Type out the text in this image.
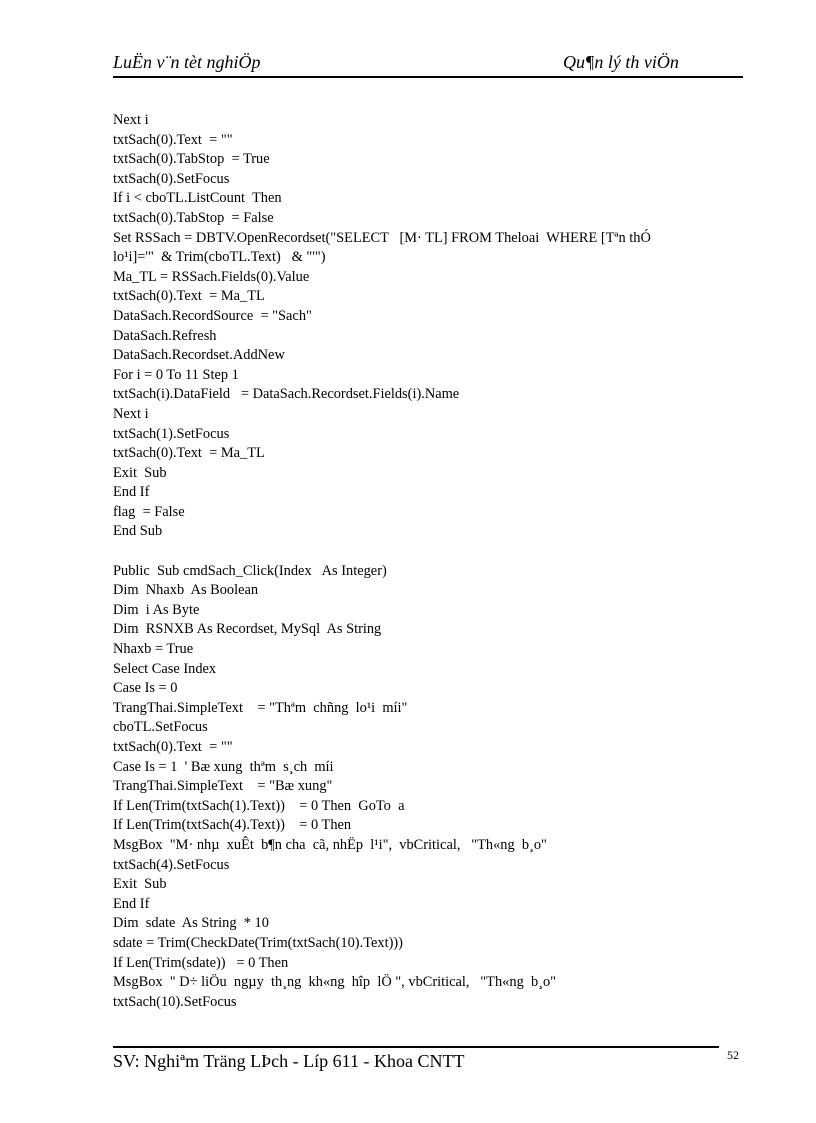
LuËn v¨n tèt nghiÖp	Qu¶n lý th viÖn
Next i
txtSach(0).Text  = ""
txtSach(0).TabStop  = True
txtSach(0).SetFocus
If i < cboTL.ListCount  Then
txtSach(0).TabStop  = False
Set RSSach = DBTV.OpenRecordset("SELECT   [M· TL] FROM Theloai  WHERE [Tªn thÓ
lo¹i]='"  & Trim(cboTL.Text)   & "'")
Ma_TL = RSSach.Fields(0).Value
txtSach(0).Text  = Ma_TL
DataSach.RecordSource  = "Sach"
DataSach.Refresh
DataSach.Recordset.AddNew
For i = 0 To 11 Step 1
txtSach(i).DataField   = DataSach.Recordset.Fields(i).Name
Next i
txtSach(1).SetFocus
txtSach(0).Text  = Ma_TL
Exit  Sub
End If
flag  = False
End Sub
Public  Sub cmdSach_Click(Index   As Integer)
Dim  Nhaxb  As Boolean
Dim  i As Byte
Dim  RSNXB As Recordset, MySql  As String
Nhaxb = True
Select Case Index
Case Is = 0
TrangThai.SimpleText    = "Thªm  chñng  lo¹i  míi"
cboTL.SetFocus
txtSach(0).Text  = ""
Case Is = 1  ' Bæ xung  thªm  s¸ch  míi
TrangThai.SimpleText    = "Bæ xung"
If Len(Trim(txtSach(1).Text))    = 0 Then  GoTo  a
If Len(Trim(txtSach(4).Text))    = 0 Then
MsgBox  "M· nhµ  xuÊt  b¶n cha  cã, nhËp  l¹i",  vbCritical,   "Th«ng  b¸o"
txtSach(4).SetFocus
Exit  Sub
End If
Dim  sdate  As String  * 10
sdate = Trim(CheckDate(Trim(txtSach(10).Text)))
If Len(Trim(sdate))   = 0 Then
MsgBox  " D÷ liÖu  ngµy  th¸ng  kh«ng  hîp  lÖ ", vbCritical,   "Th«ng  b¸o"
txtSach(10).SetFocus
SV: Nghiªm Träng LÞch - Líp 611 - Khoa CNTT	52
